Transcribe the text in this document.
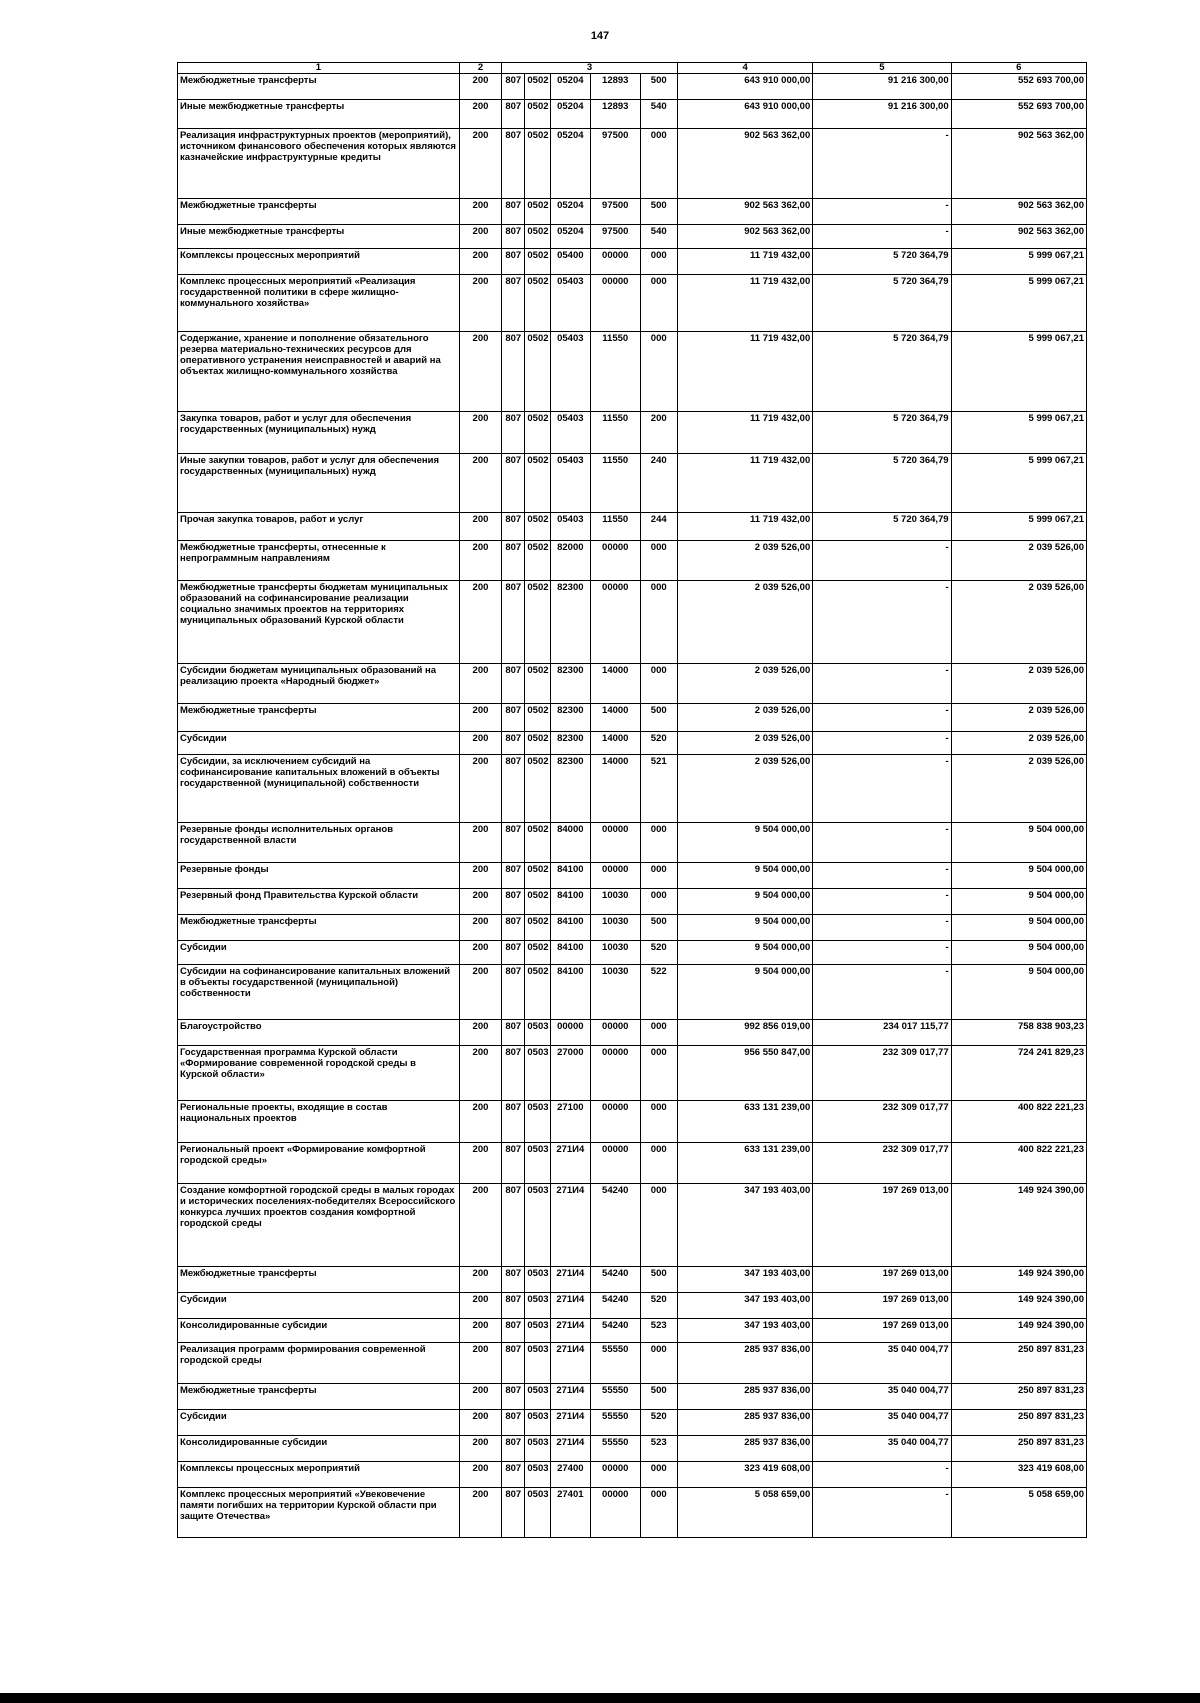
147
1	2	3					4	5	6
Межбюджетные трансферты	200	807	0502	05204	12893	500	643 910 000,00	91 216 300,00	552 693 700,00
Иные межбюджетные трансферты	200	807	0502	05204	12893	540	643 910 000,00	91 216 300,00	552 693 700,00
Реализация инфраструктурных проектов (мероприятий), источником финансового обеспечения которых являются казначейские инфраструктурные кредиты	200	807	0502	05204	97500	000	902 563 362,00	-	902 563 362,00
Межбюджетные трансферты	200	807	0502	05204	97500	500	902 563 362,00	-	902 563 362,00
Иные межбюджетные трансферты	200	807	0502	05204	97500	540	902 563 362,00	-	902 563 362,00
Комплексы процессных мероприятий	200	807	0502	05400	00000	000	11 719 432,00	5 720 364,79	5 999 067,21
Комплекс процессных мероприятий «Реализация государственной политики в сфере жилищно-коммунального хозяйства»	200	807	0502	05403	00000	000	11 719 432,00	5 720 364,79	5 999 067,21
Содержание, хранение и пополнение обязательного резерва материально-технических ресурсов для оперативного устранения неисправностей и аварий на объектах жилищно-коммунального хозяйства	200	807	0502	05403	11550	000	11 719 432,00	5 720 364,79	5 999 067,21
Закупка товаров, работ и услуг для обеспечения государственных (муниципальных) нужд	200	807	0502	05403	11550	200	11 719 432,00	5 720 364,79	5 999 067,21
Иные закупки товаров, работ и услуг для обеспечения государственных (муниципальных) нужд	200	807	0502	05403	11550	240	11 719 432,00	5 720 364,79	5 999 067,21
Прочая закупка товаров, работ и услуг	200	807	0502	05403	11550	244	11 719 432,00	5 720 364,79	5 999 067,21
Межбюджетные трансферты, отнесенные к непрограммным направлениям	200	807	0502	82000	00000	000	2 039 526,00	-	2 039 526,00
Межбюджетные трансферты бюджетам муниципальных образований на софинансирование реализации социально значимых проектов на территориях муниципальных образований Курской области	200	807	0502	82300	00000	000	2 039 526,00	-	2 039 526,00
Субсидии бюджетам муниципальных образований на реализацию проекта «Народный бюджет»	200	807	0502	82300	14000	000	2 039 526,00	-	2 039 526,00
Межбюджетные трансферты	200	807	0502	82300	14000	500	2 039 526,00	-	2 039 526,00
Субсидии	200	807	0502	82300	14000	520	2 039 526,00	-	2 039 526,00
Субсидии, за исключением субсидий на софинансирование капитальных вложений в объекты государственной (муниципальной) собственности	200	807	0502	82300	14000	521	2 039 526,00	-	2 039 526,00
Резервные фонды исполнительных органов государственной власти	200	807	0502	84000	00000	000	9 504 000,00	-	9 504 000,00
Резервные фонды	200	807	0502	84100	00000	000	9 504 000,00	-	9 504 000,00
Резервный фонд Правительства Курской области	200	807	0502	84100	10030	000	9 504 000,00	-	9 504 000,00
Межбюджетные трансферты	200	807	0502	84100	10030	500	9 504 000,00	-	9 504 000,00
Субсидии	200	807	0502	84100	10030	520	9 504 000,00	-	9 504 000,00
Субсидии на софинансирование капитальных вложений в объекты государственной (муниципальной) собственности	200	807	0502	84100	10030	522	9 504 000,00	-	9 504 000,00
Благоустройство	200	807	0503	00000	00000	000	992 856 019,00	234 017 115,77	758 838 903,23
Государственная программа Курской области «Формирование современной городской среды в Курской области»	200	807	0503	27000	00000	000	956 550 847,00	232 309 017,77	724 241 829,23
Региональные проекты, входящие в состав национальных проектов	200	807	0503	27100	00000	000	633 131 239,00	232 309 017,77	400 822 221,23
Региональный проект «Формирование комфортной городской среды»	200	807	0503	271И4	00000	000	633 131 239,00	232 309 017,77	400 822 221,23
Создание комфортной городской среды в малых городах и исторических поселениях-победителях Всероссийского конкурса лучших проектов создания комфортной городской среды	200	807	0503	271И4	54240	000	347 193 403,00	197 269 013,00	149 924 390,00
Межбюджетные трансферты	200	807	0503	271И4	54240	500	347 193 403,00	197 269 013,00	149 924 390,00
Субсидии	200	807	0503	271И4	54240	520	347 193 403,00	197 269 013,00	149 924 390,00
Консолидированные субсидии	200	807	0503	271И4	54240	523	347 193 403,00	197 269 013,00	149 924 390,00
Реализация программ формирования современной городской среды	200	807	0503	271И4	55550	000	285 937 836,00	35 040 004,77	250 897 831,23
Межбюджетные трансферты	200	807	0503	271И4	55550	500	285 937 836,00	35 040 004,77	250 897 831,23
Субсидии	200	807	0503	271И4	55550	520	285 937 836,00	35 040 004,77	250 897 831,23
Консолидированные субсидии	200	807	0503	271И4	55550	523	285 937 836,00	35 040 004,77	250 897 831,23
Комплексы процессных мероприятий	200	807	0503	27400	00000	000	323 419 608,00	-	323 419 608,00
Комплекс процессных мероприятий «Увековечение памяти погибших на территории Курской области при защите Отечества»	200	807	0503	27401	00000	000	5 058 659,00	-	5 058 659,00
